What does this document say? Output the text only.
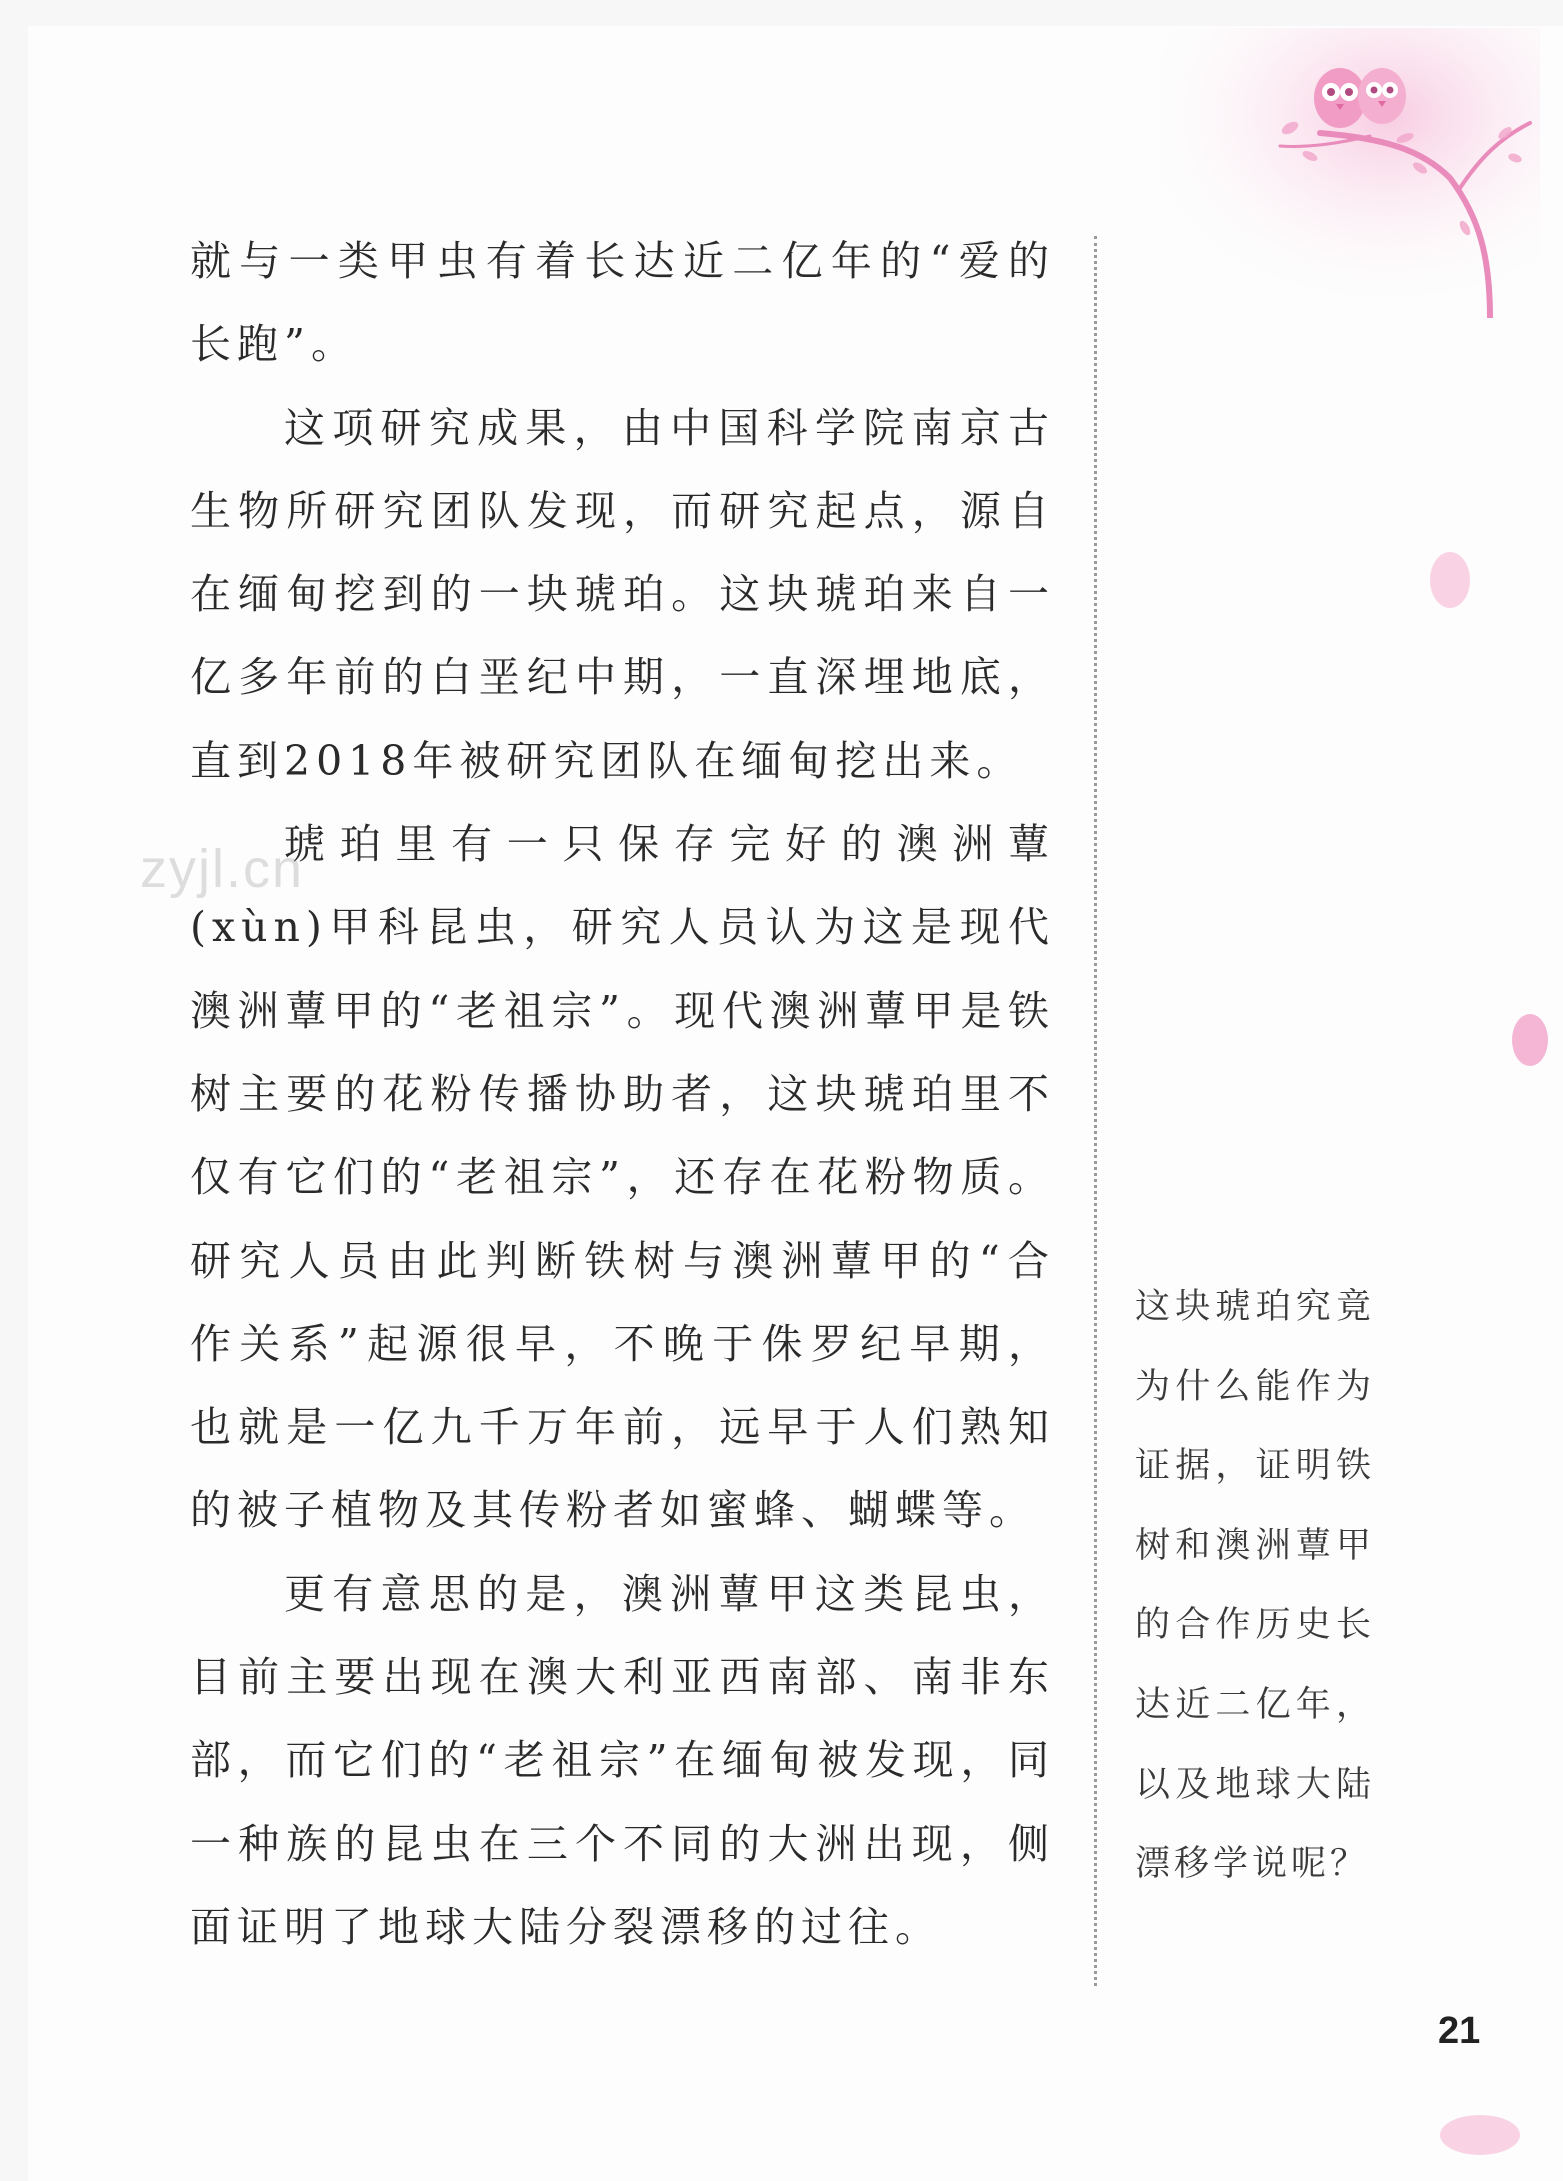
zyjl.cn

就与一类甲虫有着长达近二亿年的“爱的长跑”。

这项研究成果，由中国科学院南京古生物所研究团队发现，而研究起点，源自在缅甸挖到的一块琥珀。这块琥珀来自一亿多年前的白垩纪中期，一直深埋地底，直到2018年被研究团队在缅甸挖出来。

琥珀里有一只保存完好的澳洲蕈(xùn)甲科昆虫，研究人员认为这是现代澳洲蕈甲的“老祖宗”。现代澳洲蕈甲是铁树主要的花粉传播协助者，这块琥珀里不仅有它们的“老祖宗”，还存在花粉物质。研究人员由此判断铁树与澳洲蕈甲的“合作关系”起源很早，不晚于侏罗纪早期，也就是一亿九千万年前，远早于人们熟知的被子植物及其传粉者如蜜蜂、蝴蝶等。

更有意思的是，澳洲蕈甲这类昆虫，目前主要出现在澳大利亚西南部、南非东部，而它们的“老祖宗”在缅甸被发现，同一种族的昆虫在三个不同的大洲出现，侧面证明了地球大陆分裂漂移的过往。

这块琥珀究竟为什么能作为证据，证明铁树和澳洲蕈甲的合作历史长达近二亿年，以及地球大陆漂移学说呢？
21
